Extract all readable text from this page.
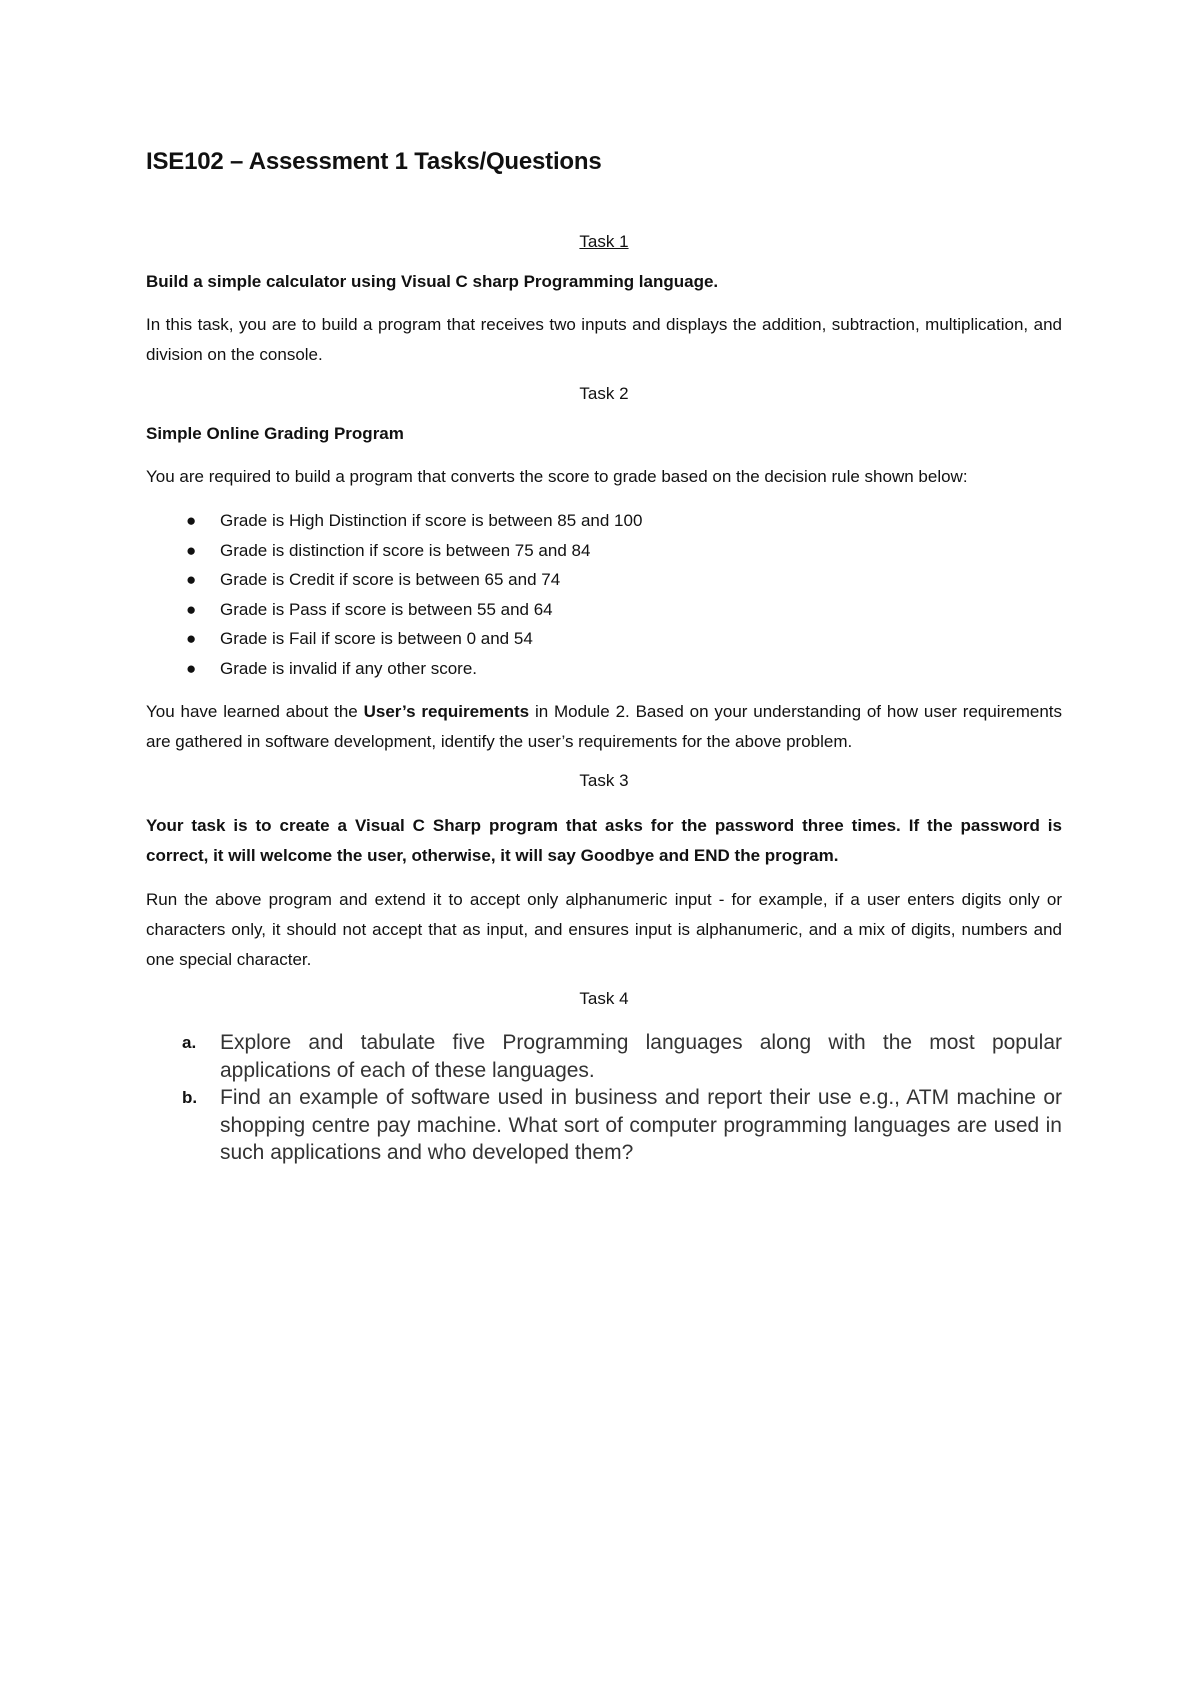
ISE102 – Assessment 1 Tasks/Questions

Task 1

Build a simple calculator using Visual C sharp Programming language.

In this task, you are to build a program that receives two inputs and displays the addition, subtraction, multiplication, and division on the console.

Task 2

Simple Online Grading Program

You are required to build a program that converts the score to grade based on the decision rule shown below:

● Grade is High Distinction if score is between 85 and 100
● Grade is distinction if score is between 75 and 84
● Grade is Credit if score is between 65 and 74
● Grade is Pass if score is between 55 and 64
● Grade is Fail if score is between 0 and 54
● Grade is invalid if any other score.

You have learned about the User’s requirements in Module 2. Based on your understanding of how user requirements are gathered in software development, identify the user’s requirements for the above problem.

Task 3

Your task is to create a Visual C Sharp program that asks for the password three times. If the password is correct, it will welcome the user, otherwise, it will say Goodbye and END the program.

Run the above program and extend it to accept only alphanumeric input - for example, if a user enters digits only or characters only, it should not accept that as input, and ensures input is alphanumeric, and a mix of digits, numbers and one special character.

Task 4

a. Explore and tabulate five Programming languages along with the most popular applications of each of these languages.
b. Find an example of software used in business and report their use e.g., ATM machine or shopping centre pay machine. What sort of computer programming languages are used in such applications and who developed them?
